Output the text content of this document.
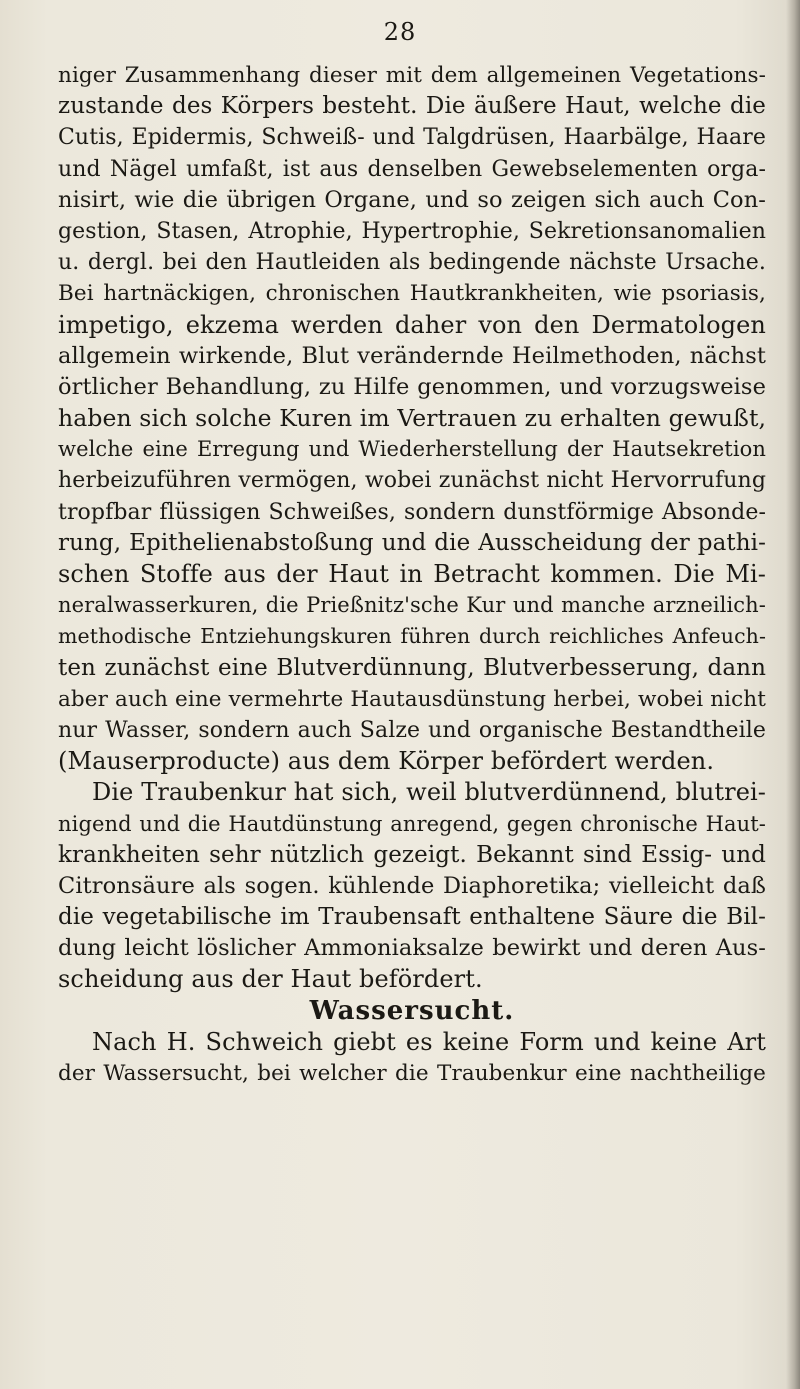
28
niger Zusammenhang dieser mit dem allgemeinen Vegetations-
zustande des Körpers besteht. Die äußere Haut, welche die
Cutis, Epidermis, Schweiß- und Talgdrüsen, Haarbälge, Haare
und Nägel umfaßt, ist aus denselben Gewebselementen orga-
nisirt, wie die übrigen Organe, und so zeigen sich auch Con-
gestion, Stasen, Atrophie, Hypertrophie, Sekretionsanomalien
u. dergl. bei den Hautleiden als bedingende nächste Ursache.
Bei hartnäckigen, chronischen Hautkrankheiten, wie psoriasis,
impetigo, ekzema werden daher von den Dermatologen
allgemein wirkende, Blut verändernde Heilmethoden, nächst
örtlicher Behandlung, zu Hilfe genommen, und vorzugsweise
haben sich solche Kuren im Vertrauen zu erhalten gewußt,
welche eine Erregung und Wiederherstellung der Hautsekretion
herbeizuführen vermögen, wobei zunächst nicht Hervorrufung
tropfbar flüssigen Schweißes, sondern dunstförmige Absonde-
rung, Epithelienabstoßung und die Ausscheidung der pathi-
schen Stoffe aus der Haut in Betracht kommen. Die Mi-
neralwasserkuren, die Prießnitz'sche Kur und manche arzneilich-
methodische Entziehungskuren führen durch reichliches Anfeuch-
ten zunächst eine Blutverdünnung, Blutverbesserung, dann
aber auch eine vermehrte Hautausdünstung herbei, wobei nicht
nur Wasser, sondern auch Salze und organische Bestandtheile
(Mauserproducte) aus dem Körper befördert werden.
Die Traubenkur hat sich, weil blutverdünnend, blutrei-
nigend und die Hautdünstung anregend, gegen chronische Haut-
krankheiten sehr nützlich gezeigt. Bekannt sind Essig- und
Citronsäure als sogen. kühlende Diaphoretika; vielleicht daß
die vegetabilische im Traubensaft enthaltene Säure die Bil-
dung leicht löslicher Ammoniaksalze bewirkt und deren Aus-
scheidung aus der Haut befördert.
Wassersucht.
Nach H. Schweich giebt es keine Form und keine Art
der Wassersucht, bei welcher die Traubenkur eine nachtheilige
